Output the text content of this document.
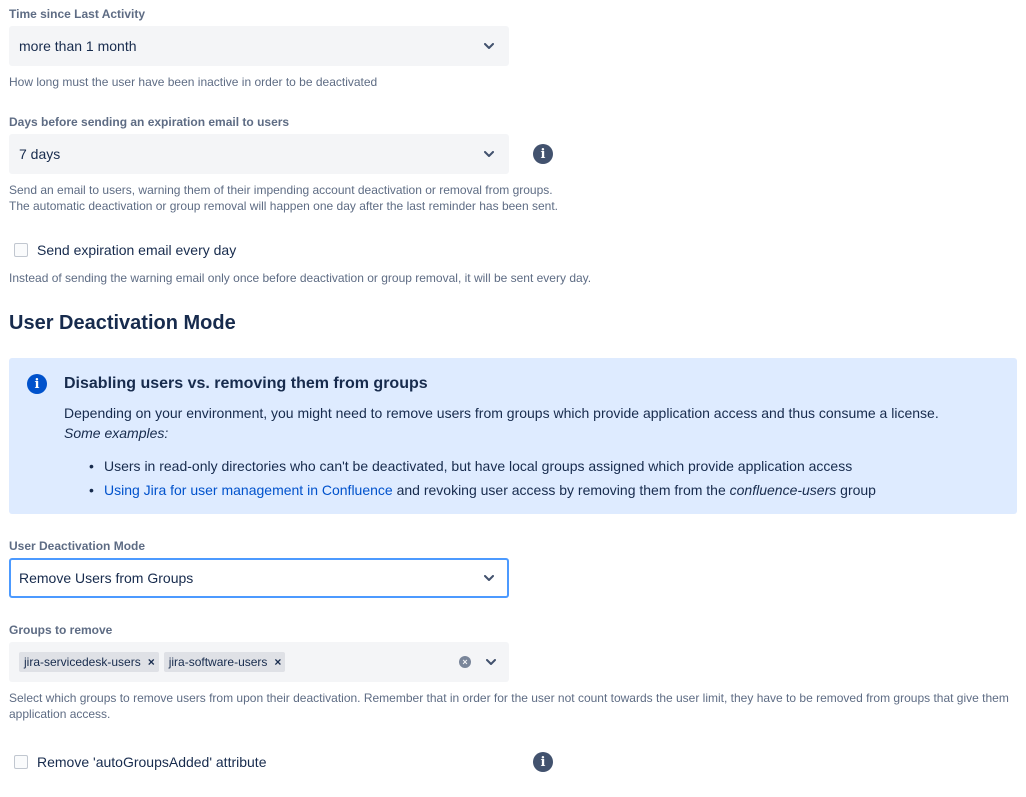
Time since Last Activity
more than 1 month
How long must the user have been inactive in order to be deactivated
Days before sending an expiration email to users
7 days	i
Send an email to users, warning them of their impending account deactivation or removal from groups.
The automatic deactivation or group removal will happen one day after the last reminder has been sent.
Send expiration email every day
Instead of sending the warning email only once before deactivation or group removal, it will be sent every day.
User Deactivation Mode
i	Disabling users vs. removing them from groups
Depending on your environment, you might need to remove users from groups which provide application access and thus consume a license.
Some examples:
• Users in read-only directories who can't be deactivated, but have local groups assigned which provide application access
• Using Jira for user management in Confluence and revoking user access by removing them from the confluence-users group
User Deactivation Mode
Remove Users from Groups
Groups to remove
jira-servicedesk-users × jira-software-users ×	×
Select which groups to remove users from upon their deactivation. Remember that in order for the user not count towards the user limit, they have to be removed from groups that give them application access.
Remove 'autoGroupsAdded' attribute	i
